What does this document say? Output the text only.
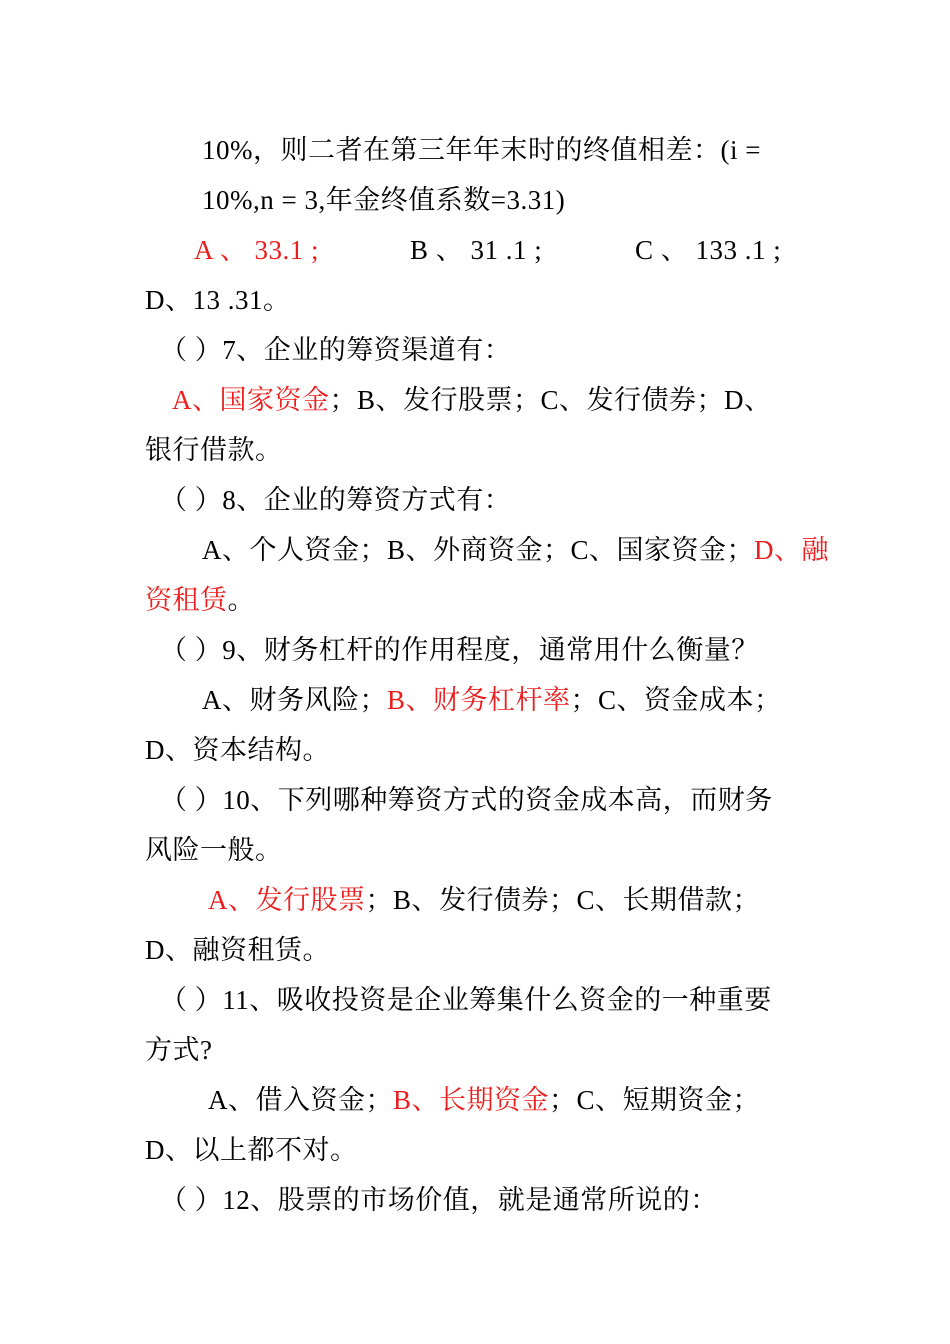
10%，则二者在第三年年末时的终值相差：(i =
10%,n = 3,年金终值系数=3.31)
A 、 33.1 ;	B 、 31 .1 ;	C 、 133 .1 ;
D、13 .31。
（ ）7、企业的筹资渠道有：
A、国家资金；B、发行股票；C、发行债券；D、
银行借款。
（ ）8、企业的筹资方式有：
A、个人资金；B、外商资金；C、国家资金；D、融
资租赁。
（ ）9、财务杠杆的作用程度，通常用什么衡量？
A、财务风险；B、财务杠杆率；C、资金成本；
D、资本结构。
（ ）10、下列哪种筹资方式的资金成本高，而财务
风险一般。
A、发行股票；B、发行债券；C、长期借款；
D、融资租赁。
（ ）11、吸收投资是企业筹集什么资金的一种重要
方式?
A、借入资金；B、长期资金；C、短期资金；
D、以上都不对。
（ ）12、股票的市场价值，就是通常所说的：
